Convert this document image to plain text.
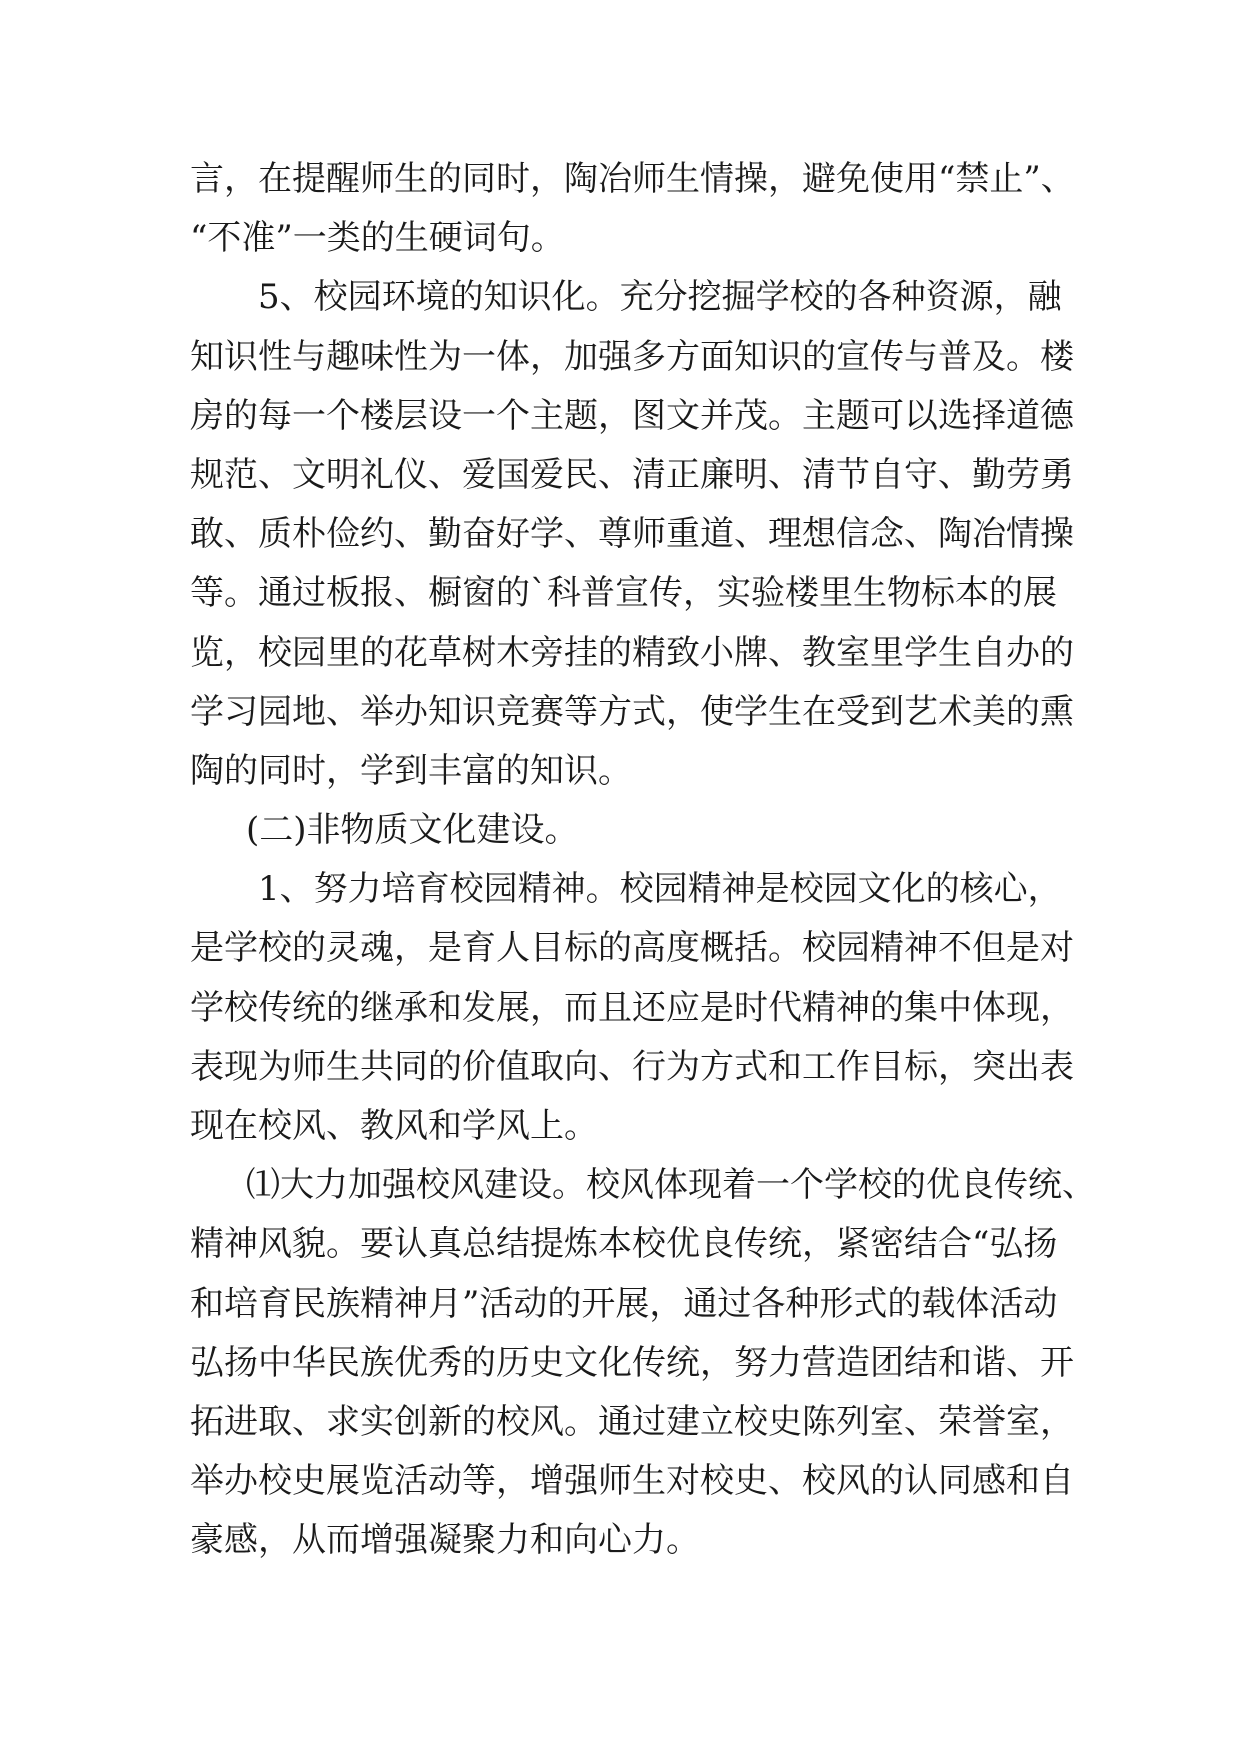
言，在提醒师生的同时，陶冶师生情操，避免使用“禁止”、
“不准”一类的生硬词句。
5、校园环境的知识化。充分挖掘学校的各种资源，融
知识性与趣味性为一体，加强多方面知识的宣传与普及。楼
房的每一个楼层设一个主题，图文并茂。主题可以选择道德
规范、文明礼仪、爱国爱民、清正廉明、清节自守、勤劳勇
敢、质朴俭约、勤奋好学、尊师重道、理想信念、陶冶情操
等。通过板报、橱窗的`科普宣传，实验楼里生物标本的展
览，校园里的花草树木旁挂的精致小牌、教室里学生自办的
学习园地、举办知识竞赛等方式，使学生在受到艺术美的熏
陶的同时，学到丰富的知识。
(二)非物质文化建设。
1、努力培育校园精神。校园精神是校园文化的核心，
是学校的灵魂，是育人目标的高度概括。校园精神不但是对
学校传统的继承和发展，而且还应是时代精神的集中体现，
表现为师生共同的价值取向、行为方式和工作目标，突出表
现在校风、教风和学风上。
⑴大力加强校风建设。校风体现着一个学校的优良传统、
精神风貌。要认真总结提炼本校优良传统，紧密结合“弘扬
和培育民族精神月”活动的开展，通过各种形式的载体活动
弘扬中华民族优秀的历史文化传统，努力营造团结和谐、开
拓进取、求实创新的校风。通过建立校史陈列室、荣誉室，
举办校史展览活动等，增强师生对校史、校风的认同感和自
豪感，从而增强凝聚力和向心力。
